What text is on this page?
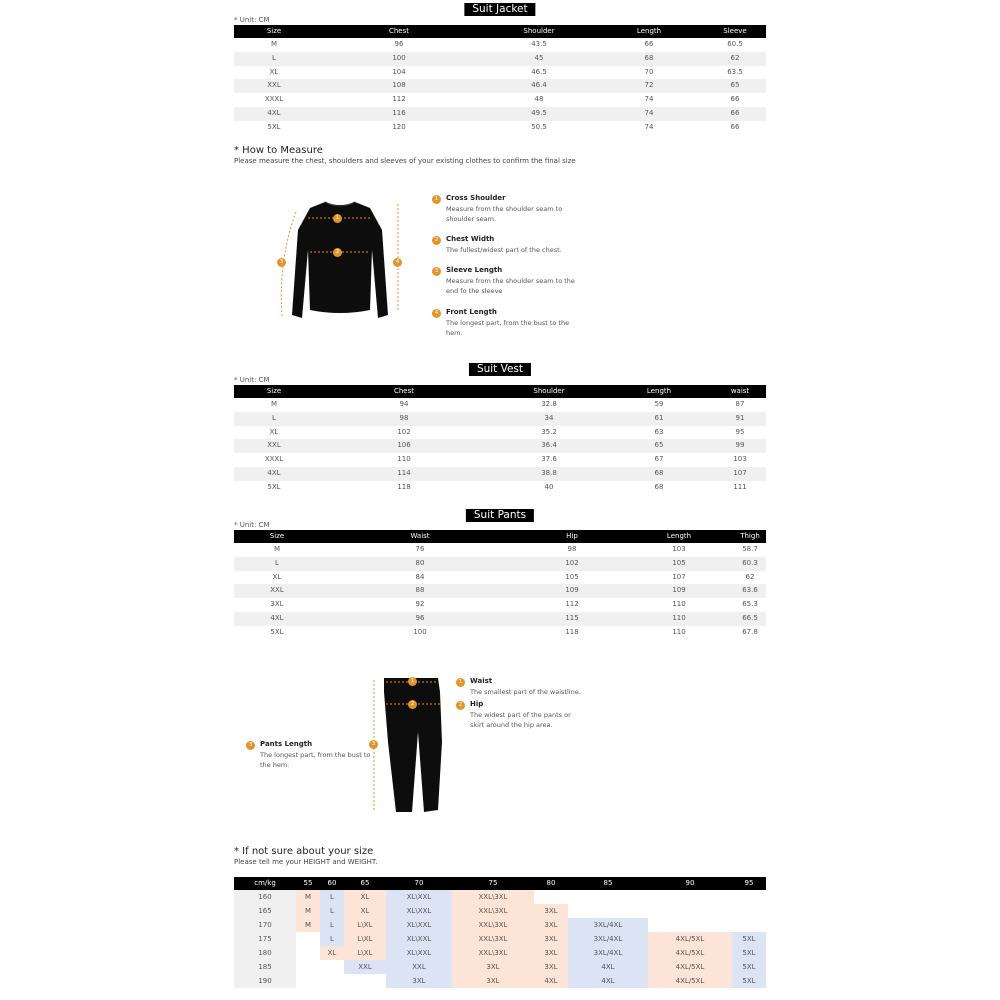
Suit Jacket
* Unit: CM
Size	Chest	Shoulder	Length	Sleeve
M	96	43.5	66	60.5
L	100	45	68	62
XL	104	46.5	70	63.5
XXL	108	46.4	72	65
XXXL	112	48	74	66
4XL	116	49.5	74	66
5XL	120	50.5	74	66
* How to Measure
Please measure the chest, shoulders and sleeves of your existing clothes to confirm the final size
1
2
3	4
1	Cross Shoulder
Measure from the shoulder seam to shoulder seam.
2	Chest Width
The fullest/widest part of the chest.
3	Sleeve Length
Measure from the shoulder seam to the end fo the sleeve
4	Front Length
The longest part, from the bust to the hem.
Suit Vest
* Unit: CM
Size	Chest	Shoulder	Length	waist
M	94	32.8	59	87
L	98	34	61	91
XL	102	35.2	63	95
XXL	106	36.4	65	99
XXXL	110	37.6	67	103
4XL	114	38.8	68	107
5XL	118	40	68	111
Suit Pants
* Unit: CM
Size	Waist	Hip	Length	Thigh
M	76	98	103	58.7
L	80	102	105	60.3
XL	84	105	107	62
XXL	88	109	109	63.6
3XL	92	112	110	65.3
4XL	96	115	110	66.5
5XL	100	118	110	67.8
1
2
3
1	Waist
The smallest part of the waistline.
2	Hip
The widest part of the pants or skirt around the hip area.
3	Pants Length
The longest part, from the bust to the hem.
* If not sure about your size
Please tell me your HEIGHT and WEIGHT.
cm/kg	55	60	65	70	75	80	85	90	95
160	M	L	XL	XL\XXL	XXL\3XL				
165	M	L	XL	XL\XXL	XXL\3XL	3XL			
170	M	L	L\XL	XL\XXL	XXL\3XL	3XL	3XL/4XL		
175		L	L\XL	XL\XXL	XXL\3XL	3XL	3XL/4XL	4XL/5XL	5XL
180		XL	L\XL	XL\XXL	XXL\3XL	3XL	3XL/4XL	4XL/5XL	5XL
185			XXL	XXL	3XL	3XL	4XL	4XL/5XL	5XL
190				3XL	3XL	4XL	4XL	4XL/5XL	5XL
